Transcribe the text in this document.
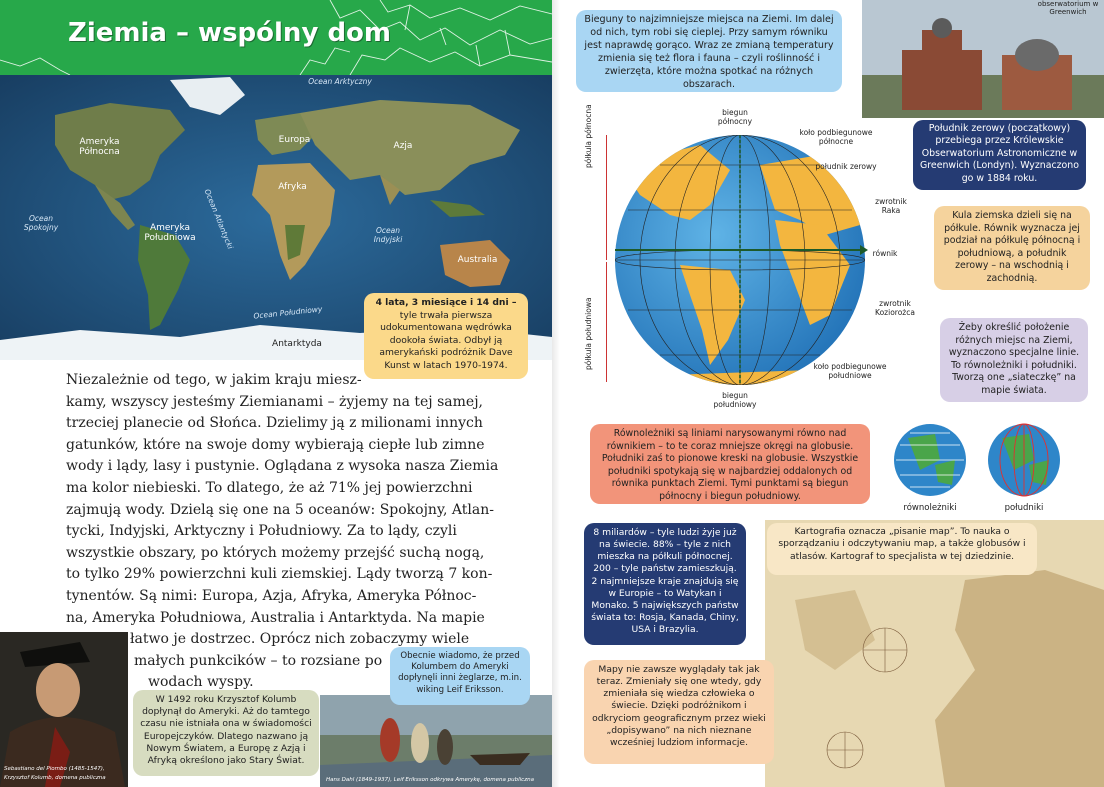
Ziemia – wspólny dom
Ocean Arktyczny
Ameryka Północna
Europa
Azja
Afryka
Ameryka Południowa
Australia
Ocean Spokojny	Ocean Atlantycki	Ocean Indyjski
Ocean Południowy
Antarktyda
4 lata, 3 miesiące i 14 dni – tyle trwała pierwsza udokumentowana wędrówka dookoła świata. Odbył ją amerykański podróżnik Dave Kunst w latach 1970-1974.
Niezależnie od tego, w jakim kraju miesz-
kamy, wszyscy jesteśmy Ziemianami – żyjemy na tej samej,
trzeciej planecie od Słońca. Dzielimy ją z milionami innych
gatunków, które na swoje domy wybierają ciepłe lub zimne
wody i lądy, lasy i pustynie. Oglądana z wysoka nasza Ziemia
ma kolor niebieski. To dlatego, że aż 71% jej powierzchni
zajmują wody. Dzielą się one na 5 oceanów: Spokojny, Atlan-
tycki, Indyjski, Arktyczny i Południowy. Za to lądy, czyli
wszystkie obszary, po których możemy przejść suchą nogą,
to tylko 29% powierzchni kuli ziemskiej. Lądy tworzą 7 kon-
tynentów. Są nimi: Europa, Azja, Afryka, Ameryka Północ-
na, Ameryka Południowa, Australia i Antarktyda. Na mapie
łatwo je dostrzec. Oprócz nich zobaczymy wiele
małych punkcików – to rozsiane po
wodach wyspy.
Sebastiano del Piombo (1485-1547),
Krzysztof Kolumb, domena publiczna
W 1492 roku Krzysztof Kolumb dopłynął do Ameryki. Aż do tamtego czasu nie istniała ona w świadomości Europejczyków. Dlatego nazwano ją Nowym Światem, a Europę z Azją i Afryką określono jako Stary Świat.
Hans Dahl (1849-1937), Leif Eriksson odkrywa Amerykę, domena publiczna
Obecnie wiadomo, że przed Kolumbem do Ameryki dopłynęli inni żeglarze, m.in. wiking Leif Eriksson.
Bieguny to najzimniejsze miejsca na Ziemi. Im dalej od nich, tym robi się cieplej. Przy samym równiku jest naprawdę gorąco. Wraz ze zmianą temperatury zmienia się też flora i fauna – czyli roślinność i zwierzęta, które można spotkać na różnych obszarach.
obserwatorium w Greenwich
Południk zerowy (początkowy) przebiega przez Królewskie Obserwatorium Astronomiczne w Greenwich (Londyn). Wyznaczono go w 1884 roku.
półkula północna
półkula południowa
biegun północny
biegun południowy
koło podbiegunowe północne
południk zerowy
zwrotnik Raka
równik
zwrotnik Koziorożca
koło podbiegunowe południowe
Kula ziemska dzieli się na półkule. Równik wyznacza jej podział na półkulę północną i południową, a południk zerowy – na wschodnią i zachodnią.
Żeby określić położenie różnych miejsc na Ziemi, wyznaczono specjalne linie. To równoleżniki i południki. Tworzą one „siateczkę” na mapie świata.
Równoleżniki są liniami narysowanymi równo nad równikiem – to te coraz mniejsze okręgi na globusie. Południki zaś to pionowe kreski na globusie. Wszystkie południki spotykają się w najbardziej oddalonych od równika punktach Ziemi. Tymi punktami są biegun północny i biegun południowy.
równoleżniki	południki
8 miliardów – tyle ludzi żyje już na świecie. 88% – tyle z nich mieszka na półkuli północnej. 200 – tyle państw zamieszkują. 2 najmniejsze kraje znajdują się w Europie – to Watykan i Monako. 5 największych państw świata to: Rosja, Kanada, Chiny, USA i Brazylia.
Kartografia oznacza „pisanie map”. To nauka o sporządzaniu i odczytywaniu map, a także globusów i atlasów. Kartograf to specjalista w tej dziedzinie.
Mapy nie zawsze wyglądały tak jak teraz. Zmieniały się one wtedy, gdy zmieniała się wiedza człowieka o świecie. Dzięki podróżnikom i odkryciom geograficznym przez wieki „dopisywano” na nich nieznane wcześniej ludziom informacje.
